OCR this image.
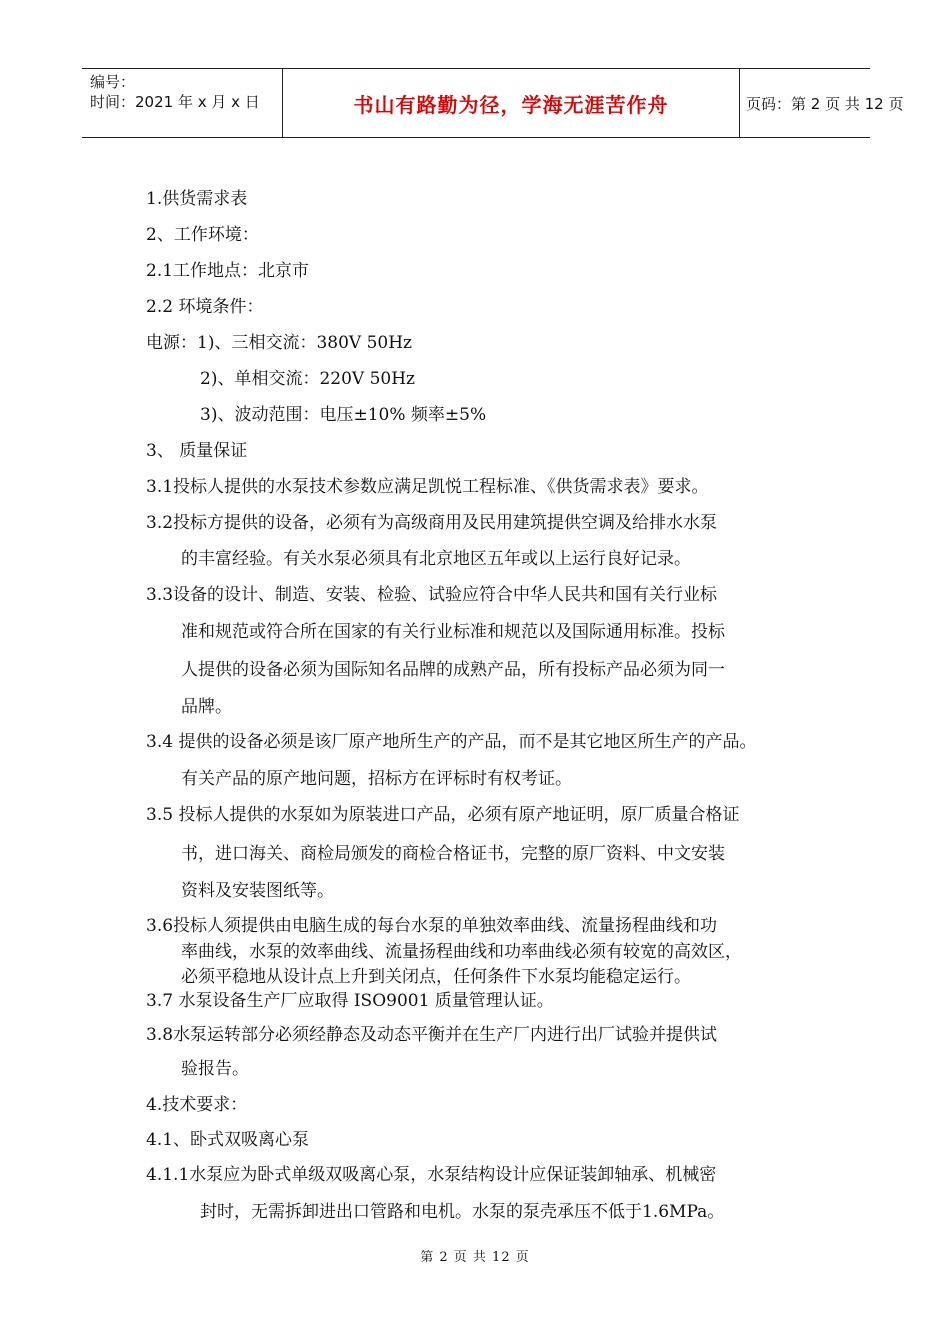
编号：
时间：2021 年 x 月 x 日	书山有路勤为径，学海无涯苦作舟	页码：第 2 页 共 12 页
1.供货需求表
2、工作环境：
2.1工作地点：北京市
2.2 环境条件：
电源：1)、三相交流：380V 50Hz
2)、单相交流：220V 50Hz
3)、波动范围：电压±10% 频率±5%
3、 质量保证
3.1投标人提供的水泵技术参数应满足凯悦工程标准、《供货需求表》要求。
3.2投标方提供的设备，必须有为高级商用及民用建筑提供空调及给排水水泵
的丰富经验。有关水泵必须具有北京地区五年或以上运行良好记录。
3.3设备的设计、制造、安装、检验、试验应符合中华人民共和国有关行业标
准和规范或符合所在国家的有关行业标准和规范以及国际通用标准。投标
人提供的设备必须为国际知名品牌的成熟产品，所有投标产品必须为同一
品牌。
3.4 提供的设备必须是该厂原产地所生产的产品，而不是其它地区所生产的产品。
有关产品的原产地问题，招标方在评标时有权考证。
3.5 投标人提供的水泵如为原装进口产品，必须有原产地证明，原厂质量合格证
书，进口海关、商检局颁发的商检合格证书，完整的原厂资料、中文安装
资料及安装图纸等。
3.6投标人须提供由电脑生成的每台水泵的单独效率曲线、流量扬程曲线和功
率曲线，水泵的效率曲线、流量扬程曲线和功率曲线必须有较宽的高效区，
必须平稳地从设计点上升到关闭点，任何条件下水泵均能稳定运行。
3.7 水泵设备生产厂应取得 ISO9001 质量管理认证。
3.8水泵运转部分必须经静态及动态平衡并在生产厂内进行出厂试验并提供试
验报告。
4.技术要求：
4.1、卧式双吸离心泵
4.1.1水泵应为卧式单级双吸离心泵，水泵结构设计应保证装卸轴承、机械密
封时，无需拆卸进出口管路和电机。水泵的泵壳承压不低于1.6MPa。
第 2 页 共 12 页
